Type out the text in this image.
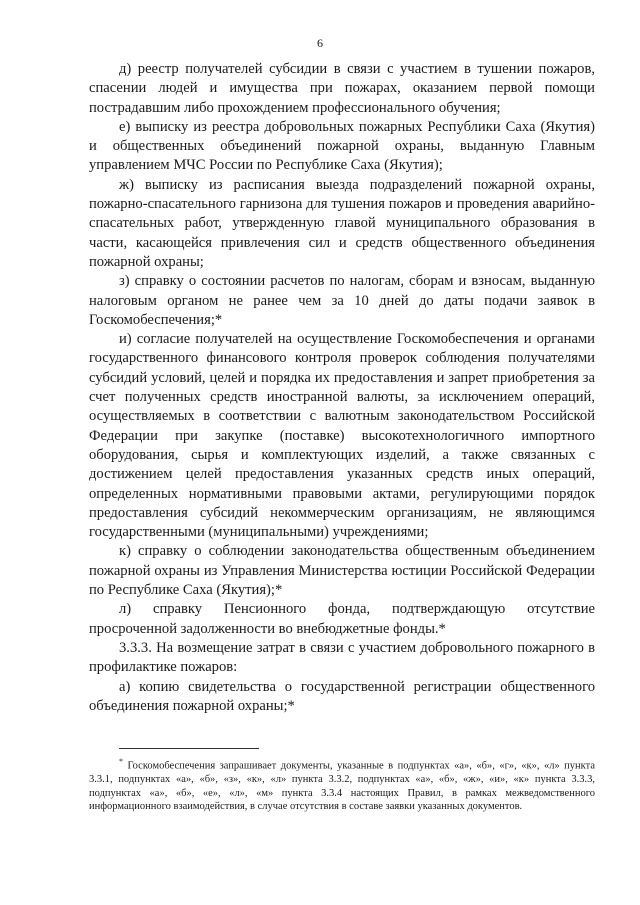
6

д) реестр получателей субсидии в связи с участием в тушении пожаров, спасении людей и имущества при пожарах, оказанием первой помощи пострадавшим либо прохождением профессионального обучения;

е) выписку из реестра добровольных пожарных Республики Саха (Якутия) и общественных объединений пожарной охраны, выданную Главным управлением МЧС России по Республике Саха (Якутия);

ж) выписку из расписания выезда подразделений пожарной охраны, пожарно-спасательного гарнизона для тушения пожаров и проведения аварийно-спасательных работ, утвержденную главой муниципального образования в части, касающейся привлечения сил и средств общественного объединения пожарной охраны;

з) справку о состоянии расчетов по налогам, сборам и взносам, выданную налоговым органом не ранее чем за 10 дней до даты подачи заявок в Госкомобеспечения;*

и) согласие получателей на осуществление Госкомобеспечения и органами государственного финансового контроля проверок соблюдения получателями субсидий условий, целей и порядка их предоставления и запрет приобретения за счет полученных средств иностранной валюты, за исключением операций, осуществляемых в соответствии с валютным законодательством Российской Федерации при закупке (поставке) высокотехнологичного импортного оборудования, сырья и комплектующих изделий, а также связанных с достижением целей предоставления указанных средств иных операций, определенных нормативными правовыми актами, регулирующими порядок предоставления субсидий некоммерческим организациям, не являющимся государственными (муниципальными) учреждениями;

к) справку о соблюдении законодательства общественным объединением пожарной охраны из Управления Министерства юстиции Российской Федерации по Республике Саха (Якутия);*

л) справку Пенсионного фонда, подтверждающую отсутствие просроченной задолженности во внебюджетные фонды.*

3.3.3. На возмещение затрат в связи с участием добровольного пожарного в профилактике пожаров:

а) копию свидетельства о государственной регистрации общественного объединения пожарной охраны;*

* Госкомобеспечения запрашивает документы, указанные в подпунктах «а», «б», «г», «к», «л» пункта 3.3.1, подпунктах «а», «б», «з», «к», «л» пункта 3.3.2, подпунктах «а», «б», «ж», «и», «к» пункта 3.3.3, подпунктах «а», «б», «е», «л», «м» пункта 3.3.4 настоящих Правил, в рамках межведомственного информационного взаимодействия, в случае отсутствия в составе заявки указанных документов.
